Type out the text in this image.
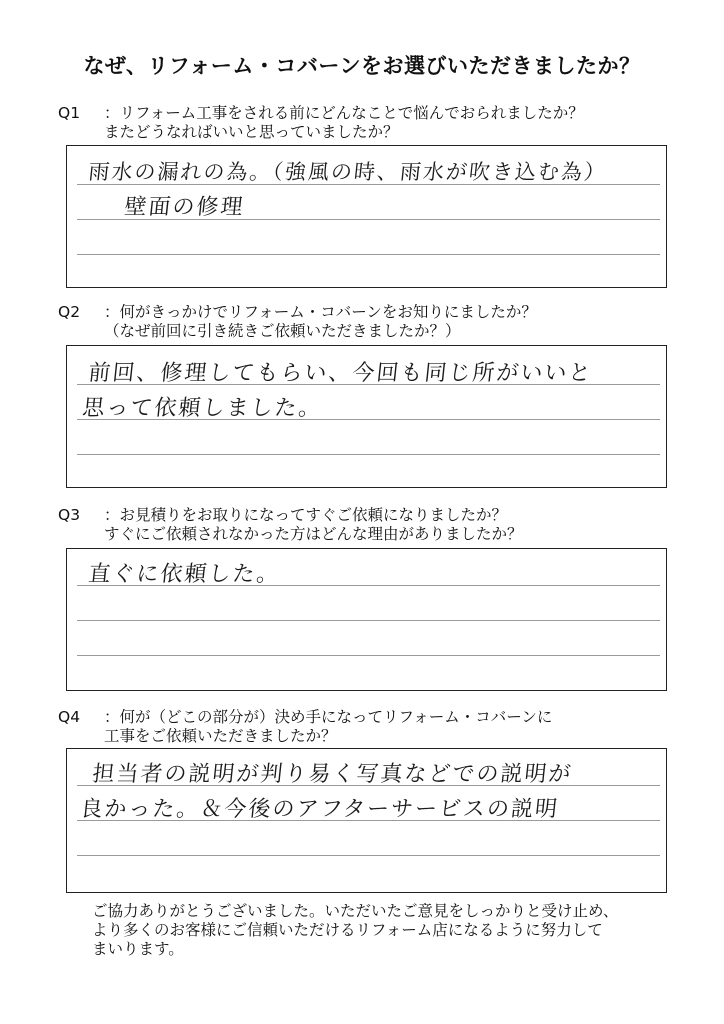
なぜ、リフォーム・コバーンをお選びいただきましたか？
Q1 ：リフォーム工事をされる前にどんなことで悩んでおられましたか？
またどうなればいいと思っていましたか？
雨水の漏れの為。（強風の時、雨水が吹き込む為）
壁面の修理
Q2 ：何がきっかけでリフォーム・コバーンをお知りにましたか？
（なぜ前回に引き続きご依頼いただきましたか？）
前回、修理してもらい、今回も同じ所がいいと
思って依頼しました。
Q3 ：お見積りをお取りになってすぐご依頼になりましたか？
すぐにご依頼されなかった方はどんな理由がありましたか？
直ぐに依頼した。
Q4 ：何が（どこの部分が）決め手になってリフォーム・コバーンに
工事をご依頼いただきましたか？
担当者の説明が判り易く写真などでの説明が
良かった。＆今後のアフターサービスの説明
ご協力ありがとうございました。いただいたご意見をしっかりと受け止め、
より多くのお客様にご信頼いただけるリフォーム店になるように努力して
まいります。
